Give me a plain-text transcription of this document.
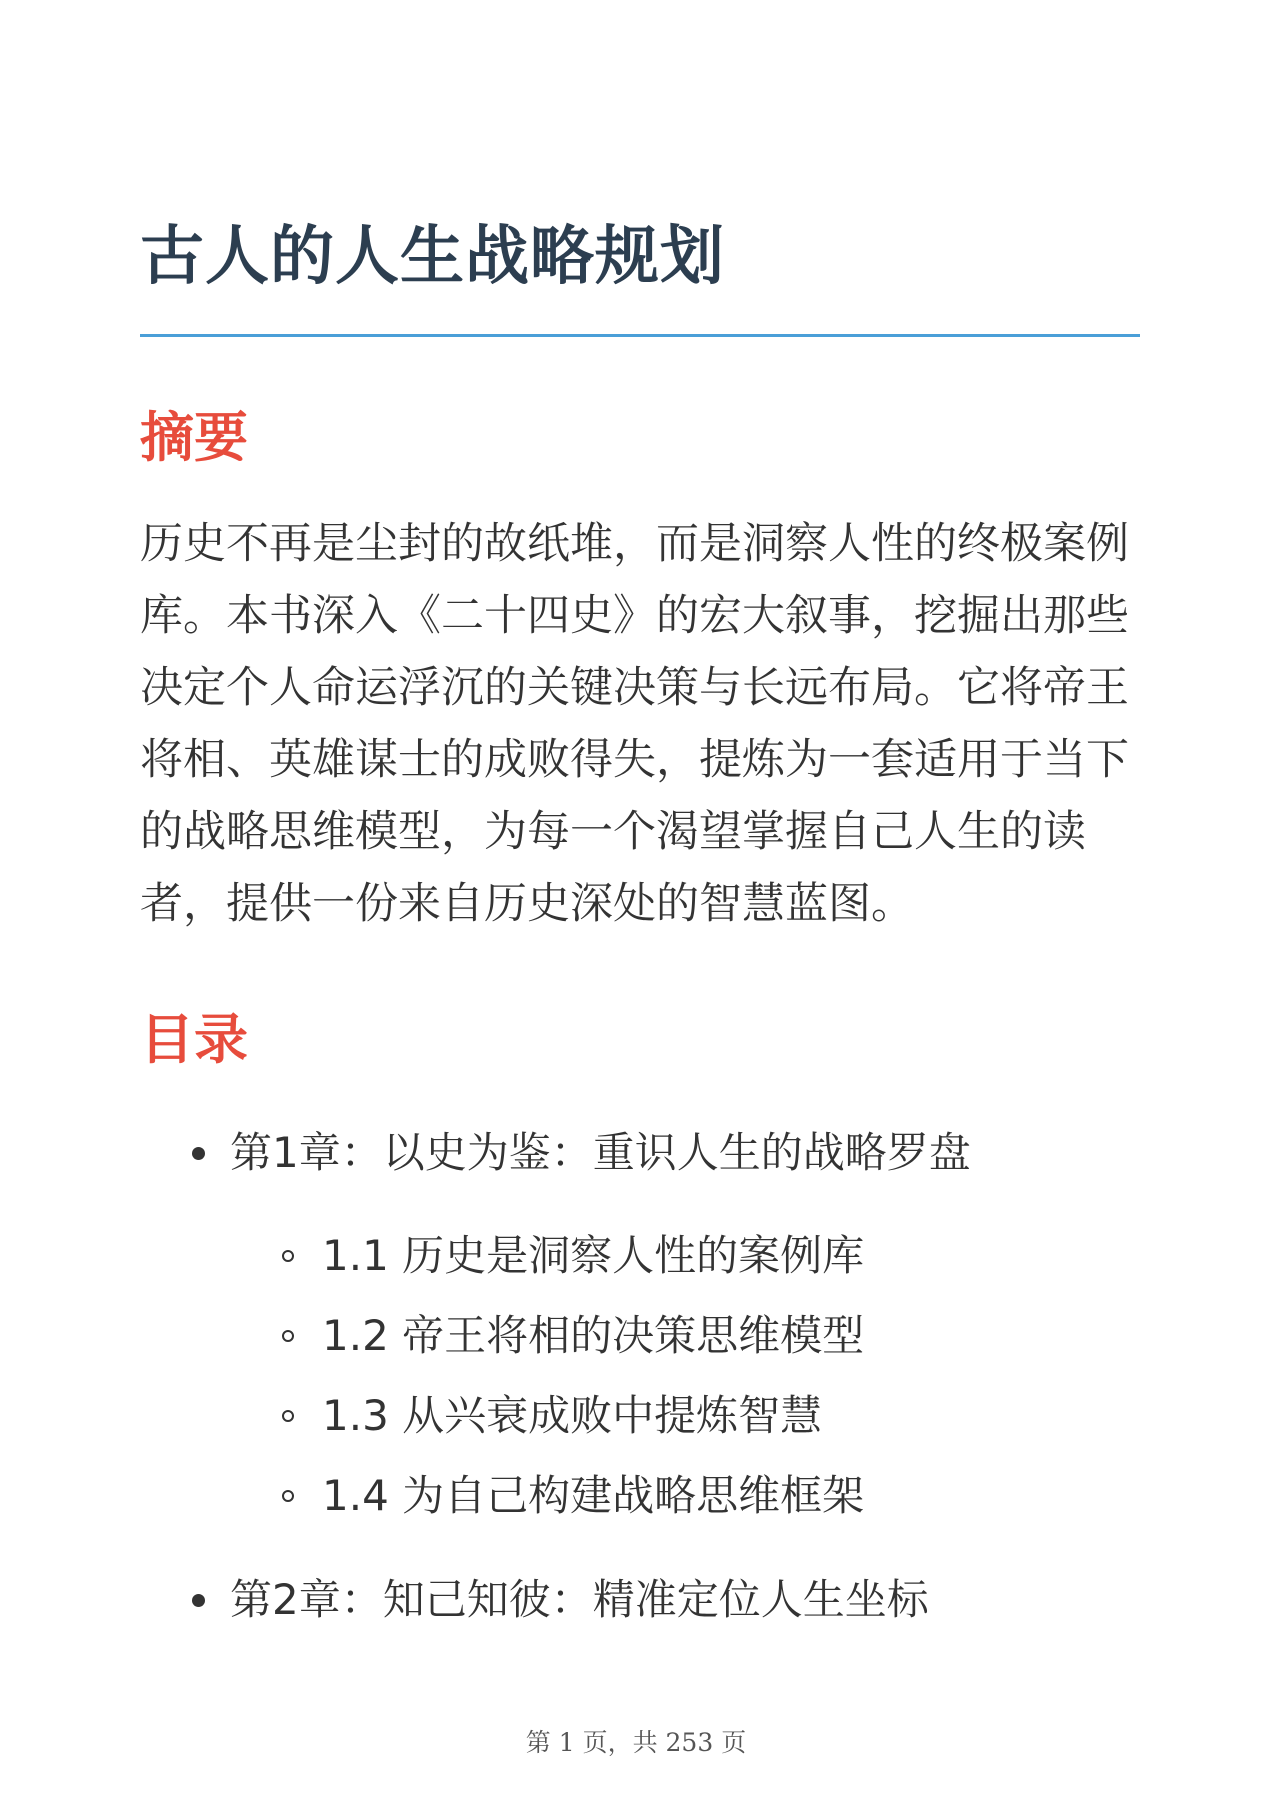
古人的人生战略规划
摘要

历史不再是尘封的故纸堆，而是洞察人性的终极案例库。本书深入《二十四史》的宏大叙事，挖掘出那些决定个人命运浮沉的关键决策与长远布局。它将帝王将相、英雄谋士的成败得失，提炼为一套适用于当下的战略思维模型，为每一个渴望掌握自己人生的读者，提供一份来自历史深处的智慧蓝图。

目录
第1章：以史为鉴：重识人生的战略罗盘
1.1 历史是洞察人性的案例库
1.2 帝王将相的决策思维模型
1.3 从兴衰成败中提炼智慧
1.4 为自己构建战略思维框架
第2章：知己知彼：精准定位人生坐标
第 1 页，共 253 页
